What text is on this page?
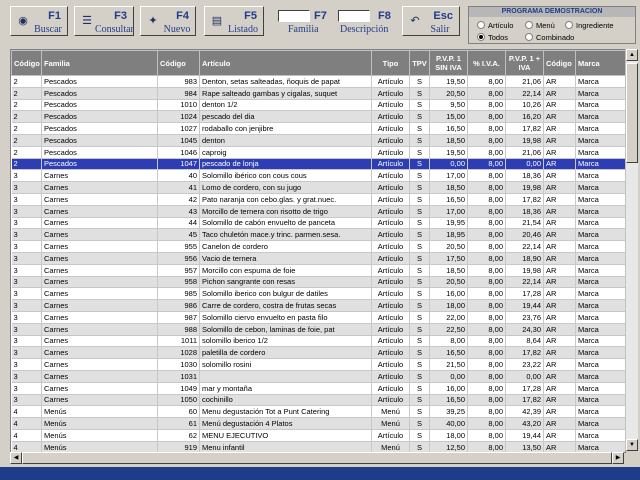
◉ F1
Buscar
☰ F3
Consultar
✦ F4
Nuevo
▤ F5
Listado
F7
Familia
F8
Descripción
↶ Esc
Salir
PROGRAMA DEMOSTRACION
Artículo	Menú	Ingrediente
Todos	Combinado
Código	Familia	Código	Artículo	Tipo	TPV	P.V.P. 1 SIN IVA	% I.V.A.	P.V.P. 1 + IVA	Código	Marca
2	Pescados	983	Denton, setas salteadas, ñoquis de papat	Artículo	S	19,50	8,00	21,06	AR	Marca
2	Pescados	984	Rape salteado gambas y cigalas, suquet	Artículo	S	20,50	8,00	22,14	AR	Marca
2	Pescados	1010	denton 1/2	Artículo	S	9,50	8,00	10,26	AR	Marca
2	Pescados	1024	pescado del dia	Artículo	S	15,00	8,00	16,20	AR	Marca
2	Pescados	1027	rodaballo con jenjibre	Artículo	S	16,50	8,00	17,82	AR	Marca
2	Pescados	1045	denton	Artículo	S	18,50	8,00	19,98	AR	Marca
2	Pescados	1046	caproig	Artículo	S	19,50	8,00	21,06	AR	Marca
2	Pescados	1047	pescado de lonja	Artículo	S	0,00	8,00	0,00	AR	Marca
3	Carnes	40	Solomillo ibérico con cous cous	Artículo	S	17,00	8,00	18,36	AR	Marca
3	Carnes	41	Lomo de cordero, con su jugo	Artículo	S	18,50	8,00	19,98	AR	Marca
3	Carnes	42	Pato naranja con cebo.glas. y grat.nuec.	Artículo	S	16,50	8,00	17,82	AR	Marca
3	Carnes	43	Morcillo de ternera con risotto de trigo	Artículo	S	17,00	8,00	18,36	AR	Marca
3	Carnes	44	Solomillo de cabón envuelto de panceta	Artículo	S	19,95	8,00	21,54	AR	Marca
3	Carnes	45	Taco chuletón mace.y trinc. parmen.sesa.	Artículo	S	18,95	8,00	20,46	AR	Marca
3	Carnes	955	Canelon de cordero	Artículo	S	20,50	8,00	22,14	AR	Marca
3	Carnes	956	Vacio de ternera	Artículo	S	17,50	8,00	18,90	AR	Marca
3	Carnes	957	Morcillo con espuma de foie	Artículo	S	18,50	8,00	19,98	AR	Marca
3	Carnes	958	Pichon sangrante con resas	Artículo	S	20,50	8,00	22,14	AR	Marca
3	Carnes	985	Solomillo iberico con bulgur de datiles	Artículo	S	16,00	8,00	17,28	AR	Marca
3	Carnes	986	Carre de cordero, costra de frutas secas	Artículo	S	18,00	8,00	19,44	AR	Marca
3	Carnes	987	Solomillo ciervo envuelto en pasta filo	Artículo	S	22,00	8,00	23,76	AR	Marca
3	Carnes	988	Solomillo de cebon, laminas de foie, pat	Artículo	S	22,50	8,00	24,30	AR	Marca
3	Carnes	1011	solomillo iberico 1/2	Artículo	S	8,00	8,00	8,64	AR	Marca
3	Carnes	1028	paletilla de cordero	Artículo	S	16,50	8,00	17,82	AR	Marca
3	Carnes	1030	solomillo rosini	Artículo	S	21,50	8,00	23,22	AR	Marca
3	Carnes	1031		Artículo	S	0,00	8,00	0,00	AR	Marca
3	Carnes	1049	mar y montaña	Artículo	S	16,00	8,00	17,28	AR	Marca
3	Carnes	1050	cochinillo	Artículo	S	16,50	8,00	17,82	AR	Marca
4	Menús	60	Menu degustación Tot a Punt Catering	Menú	S	39,25	8,00	42,39	AR	Marca
4	Menús	61	Menú degustación 4 Platos	Menú	S	40,00	8,00	43,20	AR	Marca
4	Menús	62	MENU EJECUTIVO	Artículo	S	18,00	8,00	19,44	AR	Marca
4	Menús	919	Menu infantil	Menú	S	12,50	8,00	13,50	AR	Marca

▲
▼
◀	▶
